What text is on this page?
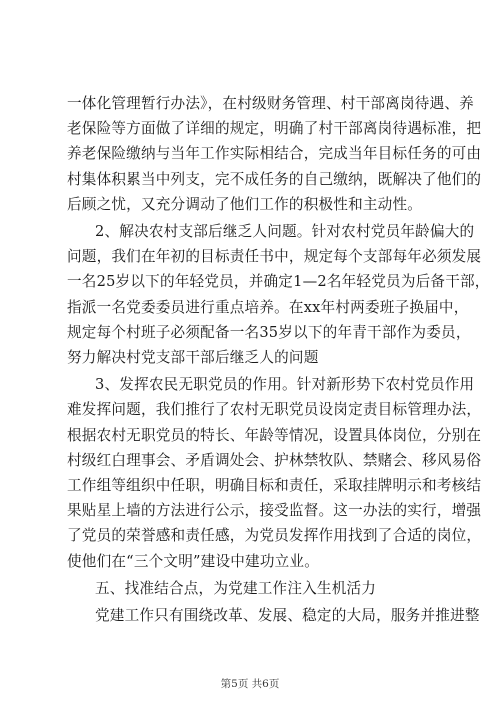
一体化管理暂行办法》，在村级财务管理、村干部离岗待遇、养

老保险等方面做了详细的规定，明确了村干部离岗待遇标准，把

养老保险缴纳与当年工作实际相结合，完成当年目标任务的可由

村集体积累当中列支，完不成任务的自己缴纳，既解决了他们的

后顾之忧，又充分调动了他们工作的积极性和主动性。

2、解决农村支部后继乏人问题。针对农村党员年龄偏大的

问题，我们在年初的目标责任书中，规定每个支部每年必须发展

一名25岁以下的年轻党员，并确定1—2名年轻党员为后备干部，

指派一名党委委员进行重点培养。在xx年村两委班子换届中，

规定每个村班子必须配备一名35岁以下的年青干部作为委员，

努力解决村党支部干部后继乏人的问题

3、发挥农民无职党员的作用。针对新形势下农村党员作用

难发挥问题，我们推行了农村无职党员设岗定责目标管理办法，

根据农村无职党员的特长、年龄等情况，设置具体岗位，分别在

村级红白理事会、矛盾调处会、护林禁牧队、禁赌会、移风易俗

工作组等组织中任职，明确目标和责任，采取挂牌明示和考核结

果贴星上墙的方法进行公示，接受监督。这一办法的实行，增强

了党员的荣誉感和责任感，为党员发挥作用找到了合适的岗位，

使他们在“三个文明”建设中建功立业。

五、找准结合点，为党建工作注入生机活力

党建工作只有围绕改革、发展、稳定的大局，服务并推进整

第5页 共6页
